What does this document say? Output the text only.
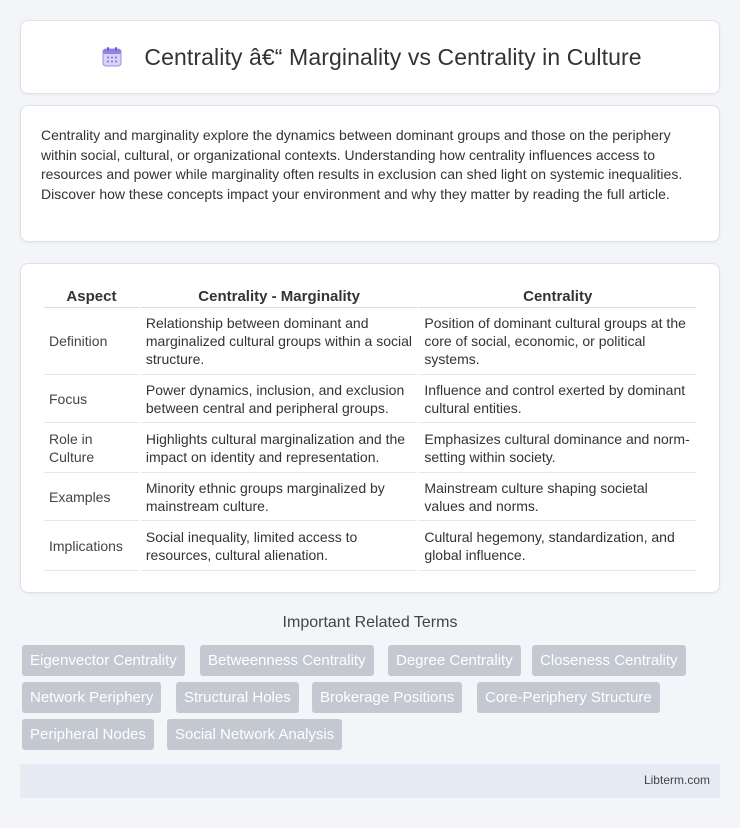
Centrality â€“ Marginality vs Centrality in Culture

Centrality and marginality explore the dynamics between dominant groups and those on the periphery within social, cultural, or organizational contexts. Understanding how centrality influences access to resources and power while marginality often results in exclusion can shed light on systemic inequalities. Discover how these concepts impact your environment and why they matter by reading the full article.

Aspect	Centrality - Marginality	Centrality
Definition	Relationship between dominant and marginalized cultural groups within a social structure.	Position of dominant cultural groups at the core of social, economic, or political systems.
Focus	Power dynamics, inclusion, and exclusion between central and peripheral groups.	Influence and control exerted by dominant cultural entities.
Role in Culture	Highlights cultural marginalization and the impact on identity and representation.	Emphasizes cultural dominance and norm-setting within society.
Examples	Minority ethnic groups marginalized by mainstream culture.	Mainstream culture shaping societal values and norms.
Implications	Social inequality, limited access to resources, cultural alienation.	Cultural hegemony, standardization, and global influence.
Important Related Terms
Eigenvector Centrality	Betweenness Centrality	Degree Centrality	Closeness Centrality
Network Periphery	Structural Holes	Brokerage Positions	Core-Periphery Structure
Peripheral Nodes	Social Network Analysis
Libterm.com
